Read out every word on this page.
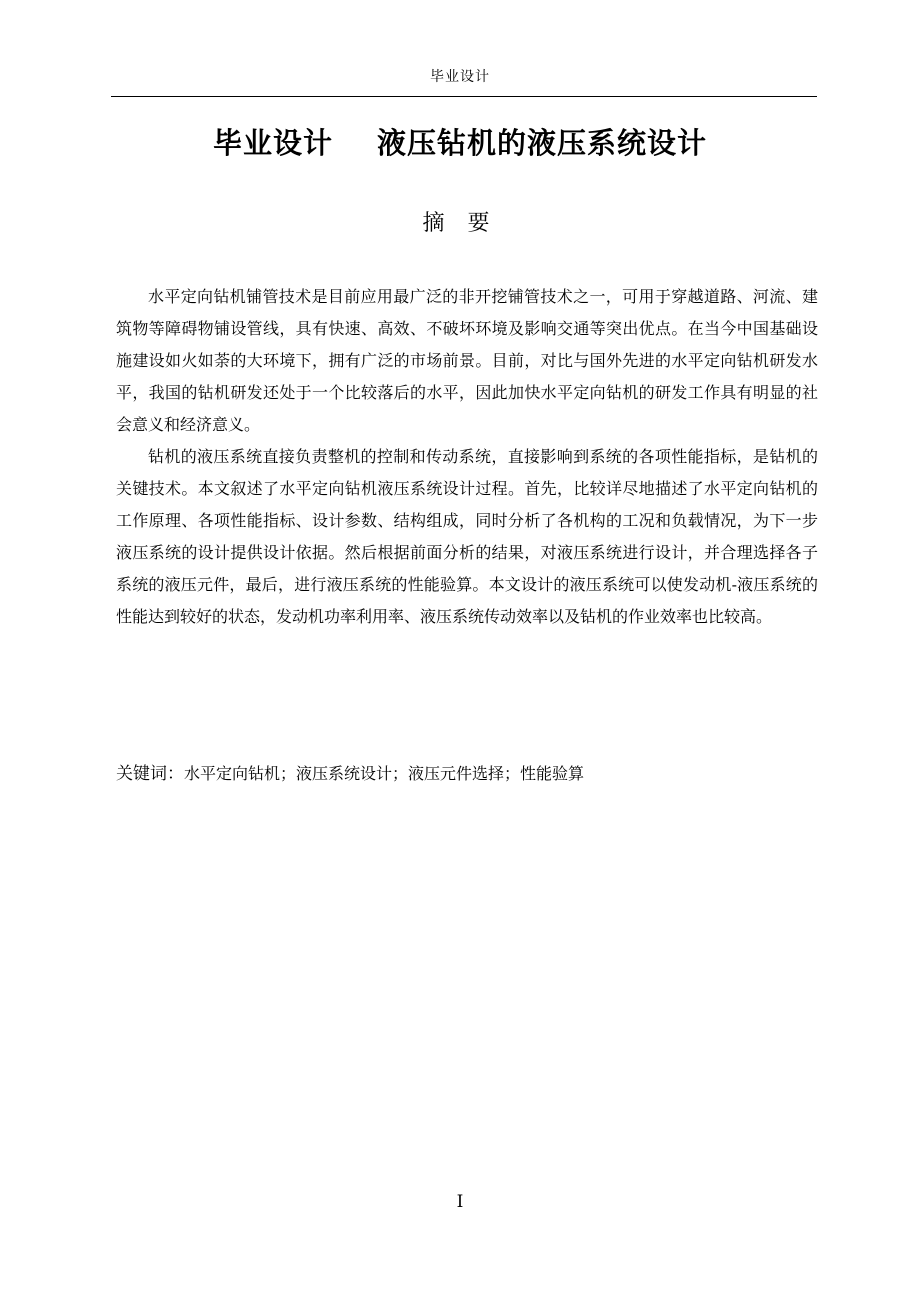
毕业设计
毕业设计 液压钻机的液压系统设计
摘 要

水平定向钻机铺管技术是目前应用最广泛的非开挖铺管技术之一，可用于穿越道路、河流、建筑物等障碍物铺设管线，具有快速、高效、不破坏环境及影响交通等突出优点。在当今中国基础设施建设如火如荼的大环境下，拥有广泛的市场前景。目前，对比与国外先进的水平定向钻机研发水平，我国的钻机研发还处于一个比较落后的水平，因此加快水平定向钻机的研发工作具有明显的社会意义和经济意义。

钻机的液压系统直接负责整机的控制和传动系统，直接影响到系统的各项性能指标，是钻机的关键技术。本文叙述了水平定向钻机液压系统设计过程。首先，比较详尽地描述了水平定向钻机的工作原理、各项性能指标、设计参数、结构组成，同时分析了各机构的工况和负载情况，为下一步液压系统的设计提供设计依据。然后根据前面分析的结果，对液压系统进行设计，并合理选择各子系统的液压元件，最后，进行液压系统的性能验算。本文设计的液压系统可以使发动机-液压系统的性能达到较好的状态，发动机功率利用率、液压系统传动效率以及钻机的作业效率也比较高。

关键词：水平定向钻机；液压系统设计；液压元件选择；性能验算
I
